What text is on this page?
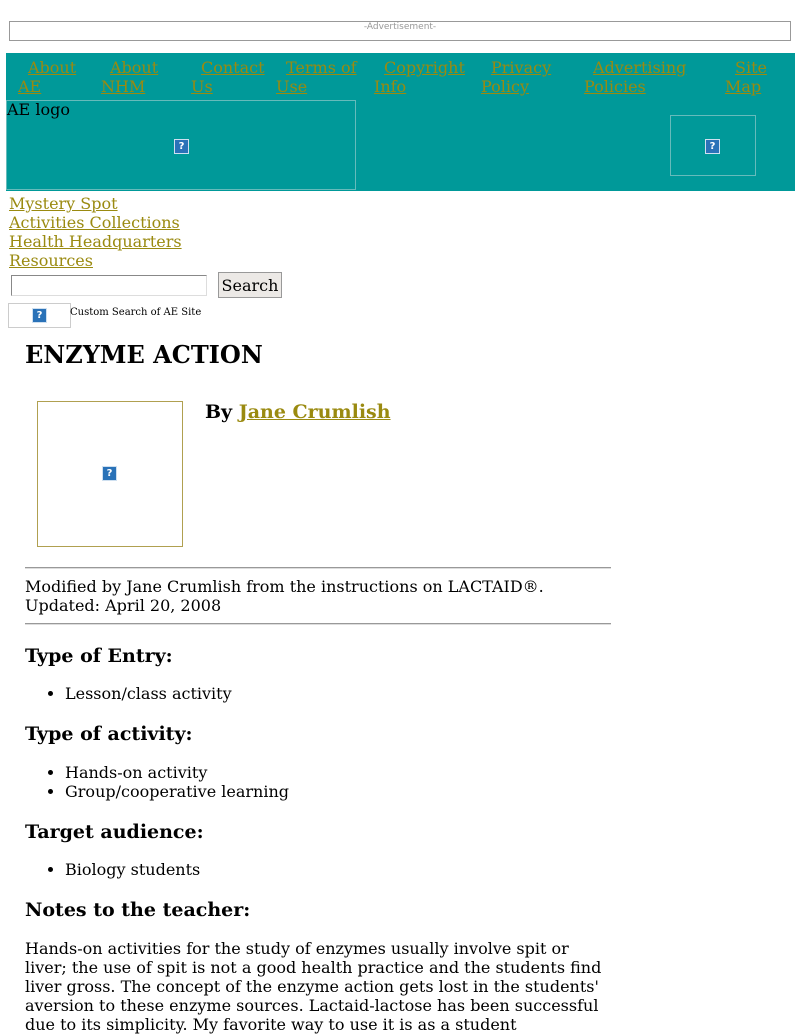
-Advertisement-
About
AE
About
NHM
Contact
Us
Terms of
Use
Copyright
Info
Privacy
Policy
Advertising
Policies
Site
Map
AE logo
?	?
Mystery Spot
Activities Collections
Health Headquarters
Resources
Search
?	Custom Search of AE Site
ENZYME ACTION
?
By Jane Crumlish
Modified by Jane Crumlish from the instructions on LACTAID®.
Updated: April 20, 2008
Type of Entry:
• Lesson/class activity
Type of activity:
• Hands-on activity
• Group/cooperative learning
Target audience:
• Biology students
Notes to the teacher:

Hands-on activities for the study of enzymes usually involve spit or liver; the use of spit is not a good health practice and the students find liver gross. The concept of the enzyme action gets lost in the students' aversion to these enzyme sources. Lactaid-lactose has been successful due to its simplicity. My favorite way to use it is as a student
